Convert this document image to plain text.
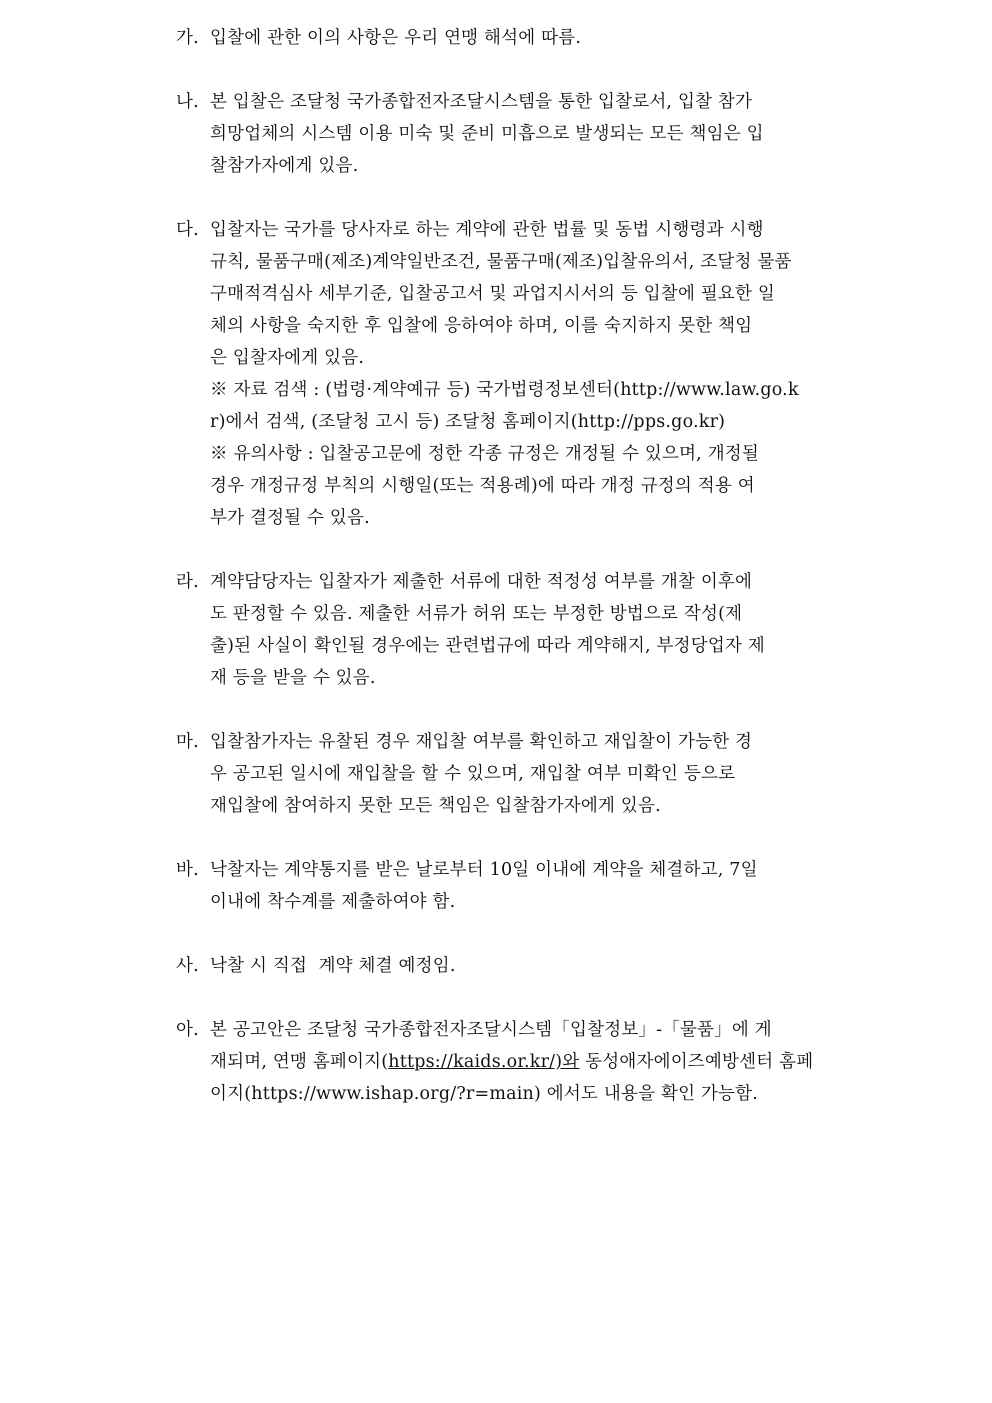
가. 입찰에 관한 이의 사항은 우리 연맹 해석에 따름.
나. 본 입찰은 조달청 국가종합전자조달시스템을 통한 입찰로서, 입찰 참가
희망업체의 시스템 이용 미숙 및 준비 미흡으로 발생되는 모든 책임은 입
찰참가자에게 있음.
다. 입찰자는 국가를 당사자로 하는 계약에 관한 법률 및 동법 시행령과 시행
규칙, 물품구매(제조)계약일반조건, 물품구매(제조)입찰유의서, 조달청 물품
구매적격심사 세부기준, 입찰공고서 및 과업지시서의 등 입찰에 필요한 일
체의 사항을 숙지한 후 입찰에 응하여야 하며, 이를 숙지하지 못한 책임
은 입찰자에게 있음.
※ 자료 검색 : (법령·계약예규 등) 국가법령정보센터(http://www.law.go.k
r)에서 검색, (조달청 고시 등) 조달청 홈페이지(http://pps.go.kr)
※ 유의사항 : 입찰공고문에 정한 각종 규정은 개정될 수 있으며, 개정될
경우 개정규정 부칙의 시행일(또는 적용례)에 따라 개정 규정의 적용 여
부가 결정될 수 있음.
라. 계약담당자는 입찰자가 제출한 서류에 대한 적정성 여부를 개찰 이후에
도 판정할 수 있음. 제출한 서류가 허위 또는 부정한 방법으로 작성(제
출)된 사실이 확인될 경우에는 관련법규에 따라 계약해지, 부정당업자 제
재 등을 받을 수 있음.
마. 입찰참가자는 유찰된 경우 재입찰 여부를 확인하고 재입찰이 가능한 경
우 공고된 일시에 재입찰을 할 수 있으며, 재입찰 여부 미확인 등으로
재입찰에 참여하지 못한 모든 책임은 입찰참가자에게 있음.
바. 낙찰자는 계약통지를 받은 날로부터 10일 이내에 계약을 체결하고, 7일
이내에 착수계를 제출하여야 함.
사. 낙찰 시 직접  계약 체결 예정임.
아. 본 공고안은 조달청 국가종합전자조달시스템「입찰정보」-「물품」에 게
재되며, 연맹 홈페이지(https://kaids.or.kr/)와 동성애자에이즈예방센터 홈페
이지(https://www.ishap.org/?r=main) 에서도 내용을 확인 가능함.
